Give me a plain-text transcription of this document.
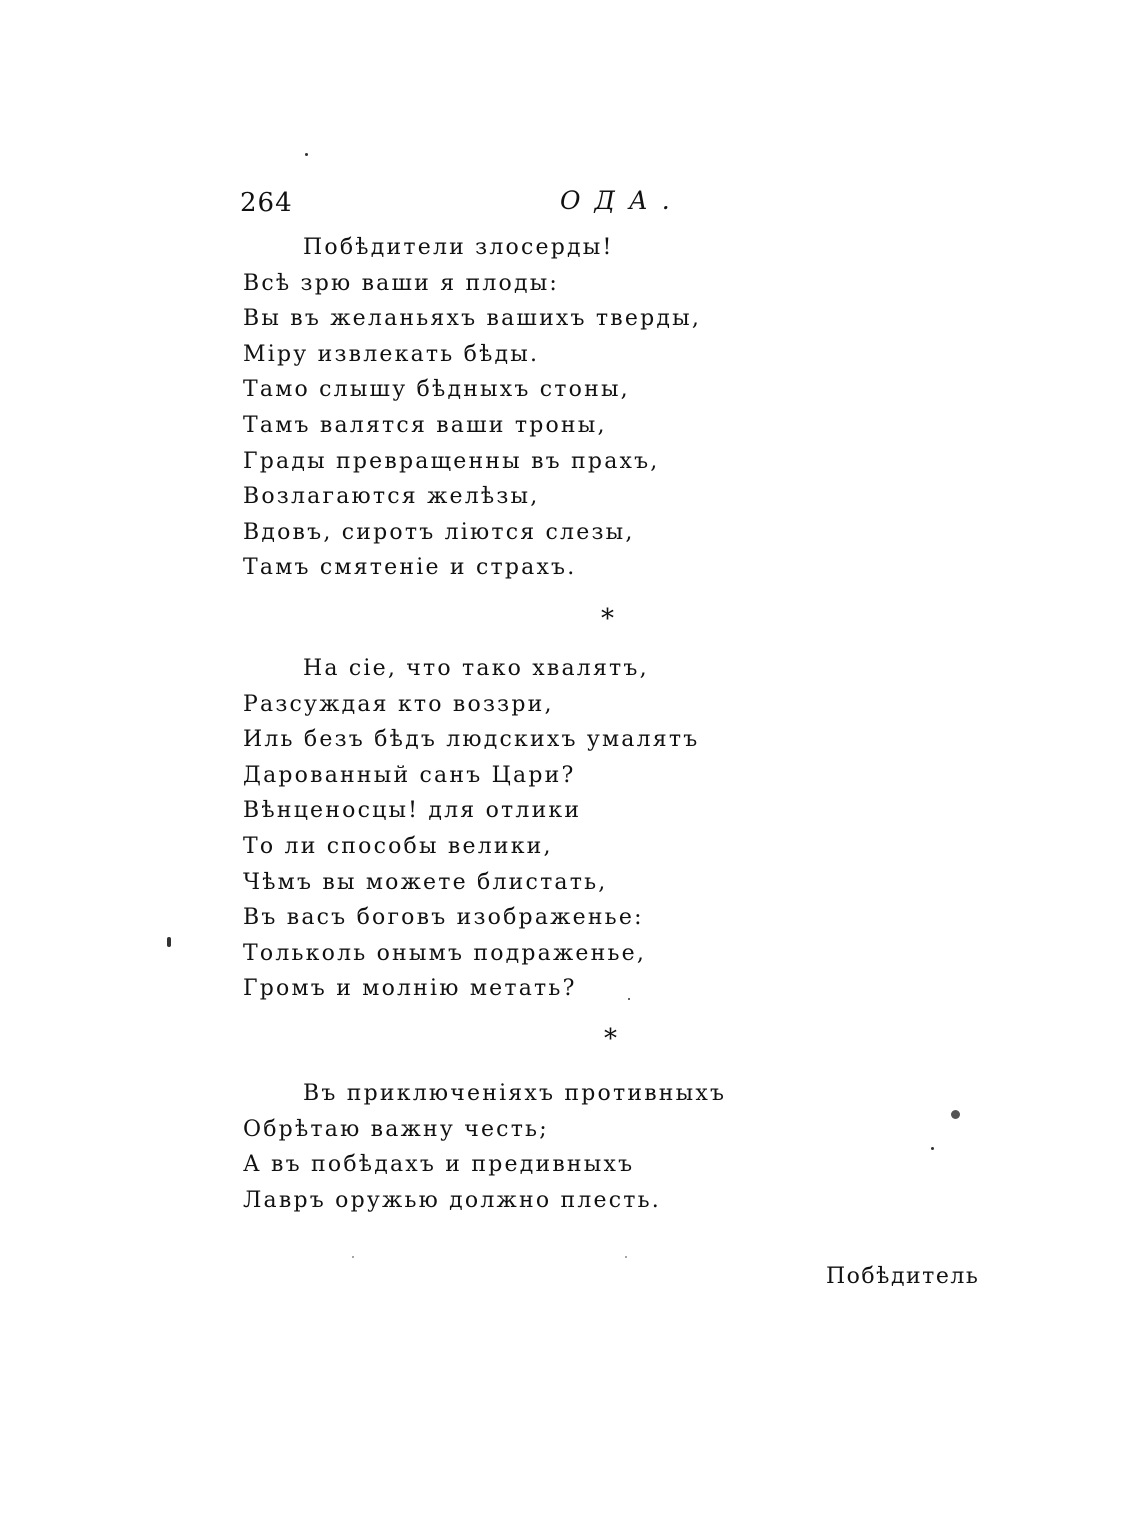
264	ОДА.
Побѣдители злосерды!
Всѣ зрю ваши я плоды:
Вы въ желаньяхъ вашихъ тверды,
Міру извлекать бѣды.
Тамо слышу бѣдныхъ стоны,
Тамъ валятся ваши троны,
Грады превращенны въ прахъ,
Возлагаются желѣзы,
Вдовъ, сиротъ ліются слезы,
Тамъ смятеніе и страхъ.
*
На сіе, что тако хвалятъ,
Разсуждая кто воззри,
Иль безъ бѣдъ людскихъ умалятъ
Дарованный санъ Цари?
Вѣнценосцы! для отлики
То ли способы велики,
Чѣмъ вы можете блистать,
Въ васъ боговъ изображенье:
Тольколь онымъ подраженье,
Громъ и молнію метать?
*
Въ приключеніяхъ противныхъ
Обрѣтаю важну честь;
А въ побѣдахъ и предивныхъ
Лавръ оружью должно плесть.
Побѣдитель
